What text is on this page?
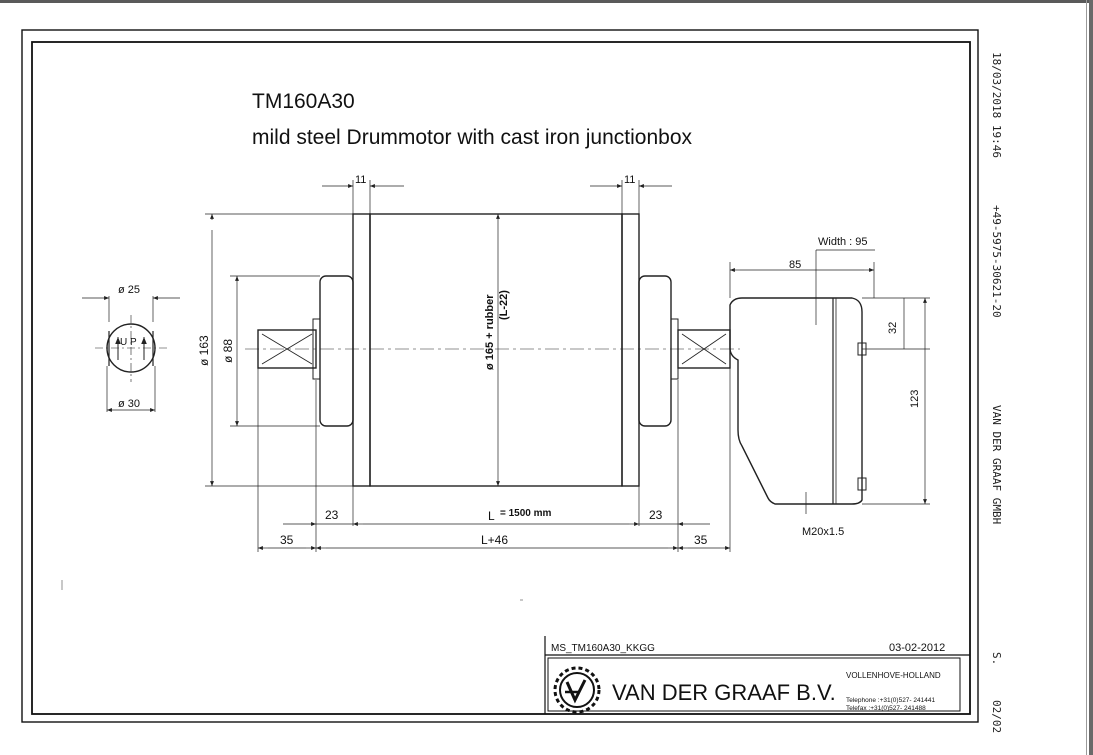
TM160A30
mild steel Drummotor with cast iron junctionbox
ø 25
ø 30
U P	ø 165 + rubber (L-22)
ø 163 ø 88
11	11
Width : 95
85
32
123
M20x1.5
23	23
L = 1500 mm
35	35
L+46
MS_TM160A30_KKGG	03-02-2012
VAN DER GRAAF B.V.
VOLLENHOVE-HOLLAND
Telephone :+31(0)527- 241441
Telefax :+31(0)527- 241488
18/03/2018 19:46
+49-5975-30621-20
VAN DER GRAAF GMBH
S.
02/02
